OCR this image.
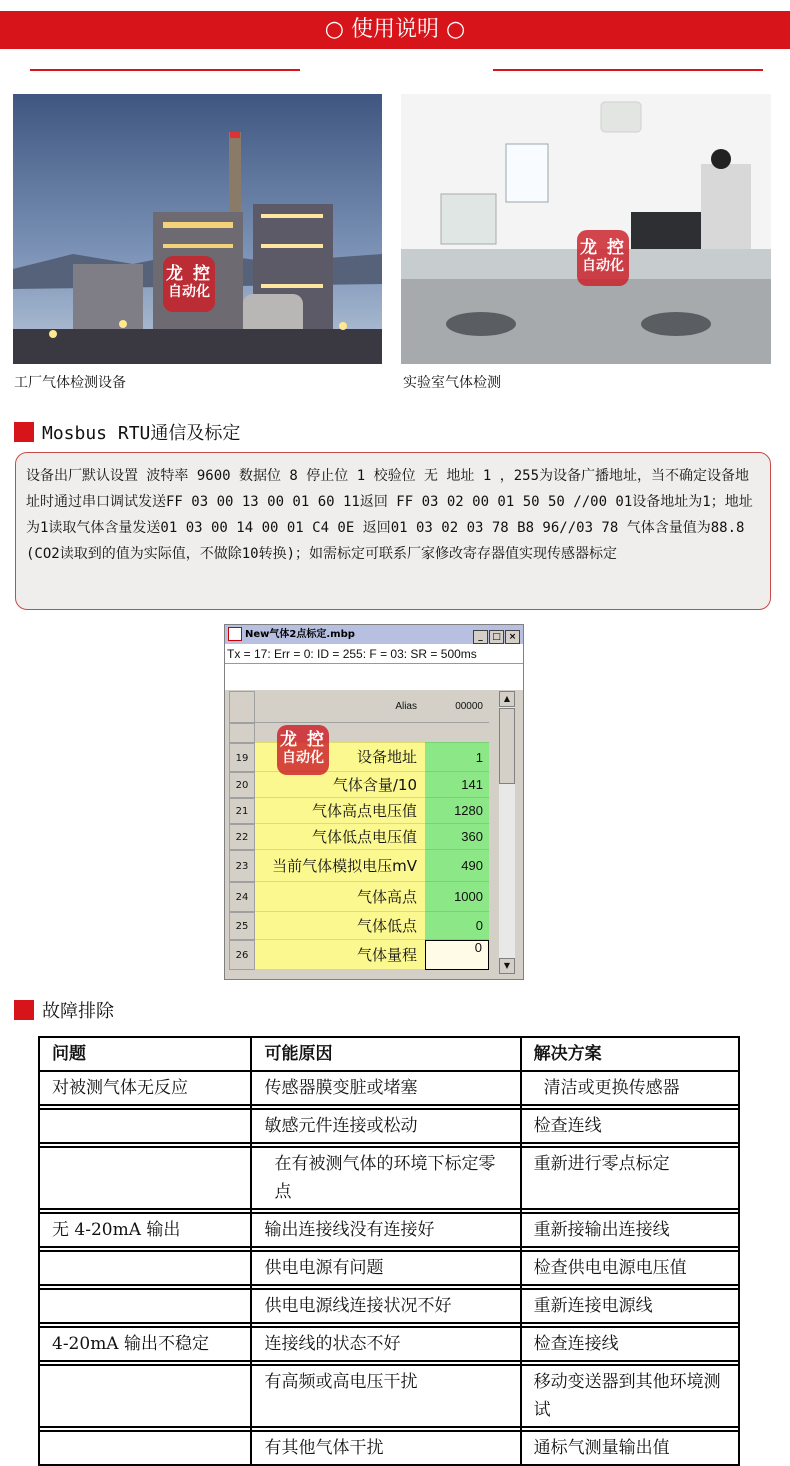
○ 使用说明 ○
龙 控
自动化
工厂气体检测设备
龙 控
自动化
实验室气体检测
Mosbus RTU通信及标定
设备出厂默认设置 波特率 9600 数据位 8 停止位 1 校验位 无 地址 1 ，255为设备广播地址，当不确定设备地址时通过串口调试发送FF 03 00 13 00 01 60 11返回 FF 03 02 00 01 50 50 //00 01设备地址为1；地址为1读取气体含量发送01 03 00 14 00 01 C4 0E 返回01 03 02 03 78 B8 96//03 78 气体含量值为88.8(CO2读取到的值为实际值，不做除10转换)；如需标定可联系厂家修改寄存器值实现传感器标定
New气体2点标定.mbp	_ □ ×
Tx = 17: Err = 0: ID = 255: F = 03: SR = 500ms
Alias	00000
19	设备地址	1
20	气体含量/10	141
21	气体高点电压值	1280
22	气体低点电压值	360
23	当前气体模拟电压mV	490
24	气体高点	1000
25	气体低点	0
26	气体量程	0
龙 控
自动化
▲
▼
故障排除
问题	可能原因	解决方案
对被测气体无反应	传感器膜变脏或堵塞	清洁或更换传感器

	敏感元件连接或松动	检查连线

	在有被测气体的环境下标定零点	重新进行零点标定

无 4-20mA 输出	输出连接线没有连接好	重新接输出连接线

	供电电源有问题	检查供电电源电压值

	供电电源线连接状况不好	重新连接电源线

4-20mA 输出不稳定	连接线的状态不好	检查连接线

	有高频或高电压干扰	移动变送器到其他环境测试

	有其他气体干扰	通标气测量输出值
